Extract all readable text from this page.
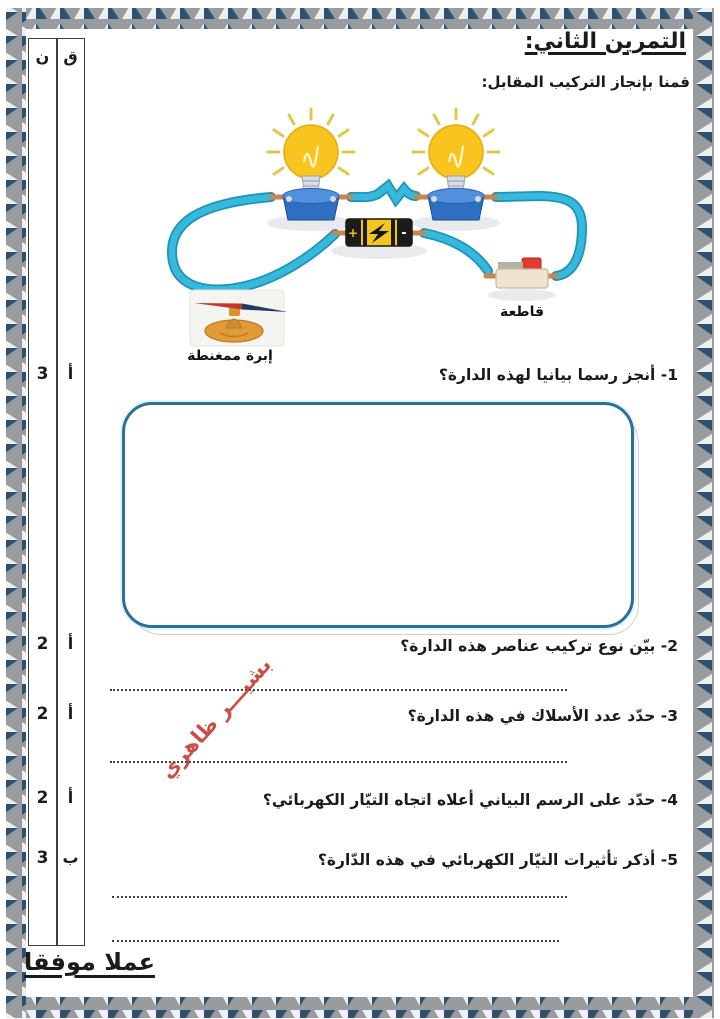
ن ق
3	أ
2	أ
2	أ
2	أ
3 ب
التمرين الثاني:
قمنا بإنجاز التركيب المقابل:
+	-
قاطعة
إبرة ممغنطة
1- أنجز رسما بيانيا لهذه الدارة؟
2- بيّن نوع تركيب عناصر هذه الدارة؟
3- حدّد عدد الأسلاك في هذه الدارة؟
4- حدّد على الرسم البياني أعلاه اتجاه التيّار الكهربائي؟
5- أذكر تأثيرات التيّار الكهربائي في هذه الدّارة؟
بشيـــر ظاهري
عملا موفقا
